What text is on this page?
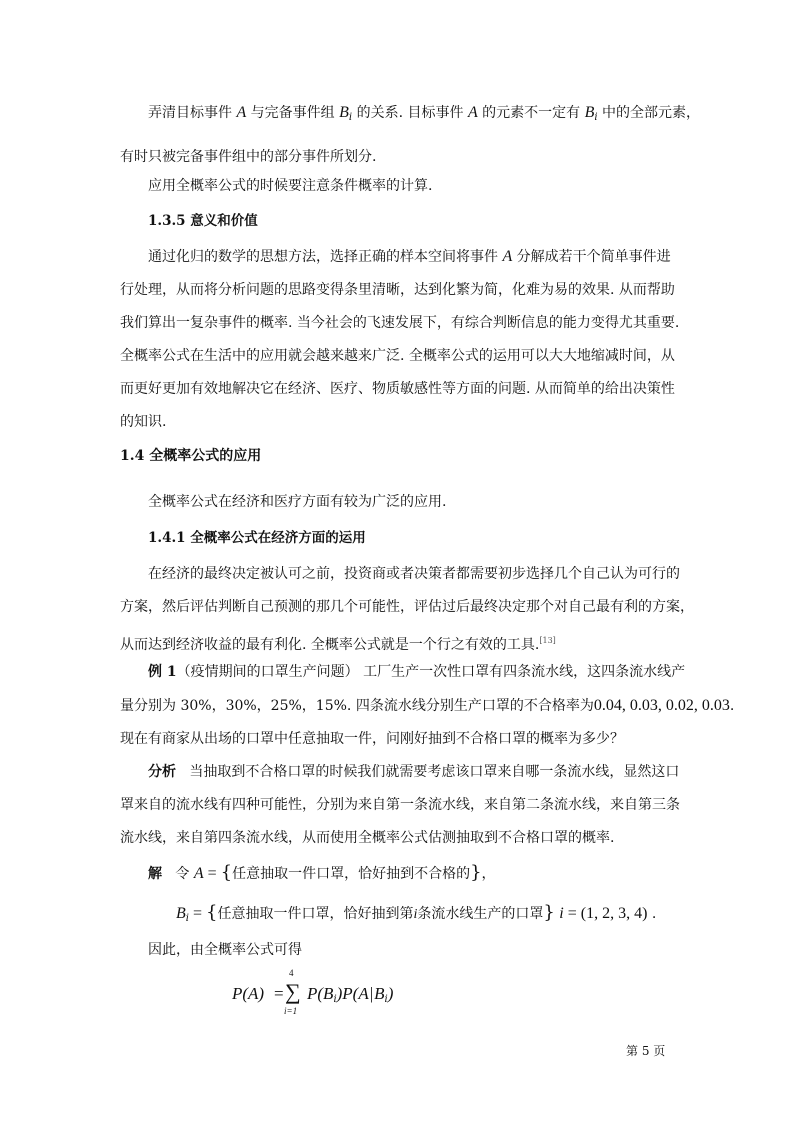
弄清目标事件 A 与完备事件组 $B_i$ 的关系. 目标事件 A 的元素不一定有 $B_i$ 中的全部元素，
有时只被完备事件组中的部分事件所划分.
应用全概率公式的时候要注意条件概率的计算.
1.3.5 意义和价值
通过化归的数学的思想方法，选择正确的样本空间将事件 A 分解成若干个简单事件进
行处理，从而将分析问题的思路变得条里清晰，达到化繁为简，化难为易的效果. 从而帮助
我们算出一复杂事件的概率. 当今社会的飞速发展下，有综合判断信息的能力变得尤其重要.
全概率公式在生活中的应用就会越来越来广泛. 全概率公式的运用可以大大地缩减时间，从
而更好更加有效地解决它在经济、医疗、物质敏感性等方面的问题. 从而简单的给出决策性
的知识.
1.4 全概率公式的应用
全概率公式在经济和医疗方面有较为广泛的应用.
1.4.1 全概率公式在经济方面的运用
在经济的最终决定被认可之前，投资商或者决策者都需要初步选择几个自己认为可行的
方案，然后评估判断自己预测的那几个可能性，评估过后最终决定那个对自己最有利的方案，
从而达到经济收益的最有利化. 全概率公式就是一个行之有效的工具.[13]
例 1（疫情期间的口罩生产问题） 工厂生产一次性口罩有四条流水线，这四条流水线产
量分别为 30%，30%，25%，15%. 四条流水线分别生产口罩的不合格率为0.04, 0.03, 0.02, 0.03.
现在有商家从出场的口罩中任意抽取一件，问刚好抽到不合格口罩的概率为多少？
分析 当抽取到不合格口罩的时候我们就需要考虑该口罩来自哪一条流水线，显然这口
罩来自的流水线有四种可能性，分别为来自第一条流水线，来自第二条流水线，来自第三条
流水线，来自第四条流水线，从而使用全概率公式估测抽取到不合格口罩的概率.
解 令 A = {任意抽取一件口罩，恰好抽到不合格的}，
$B_i$ = {任意抽取一件口罩，恰好抽到第i条流水线生产的口罩} i = (1, 2, 3, 4) .
因此，由全概率公式可得
P(A) =
4
∑
i=1
$P(B_i)P(A|B_i)$
第 5 页
